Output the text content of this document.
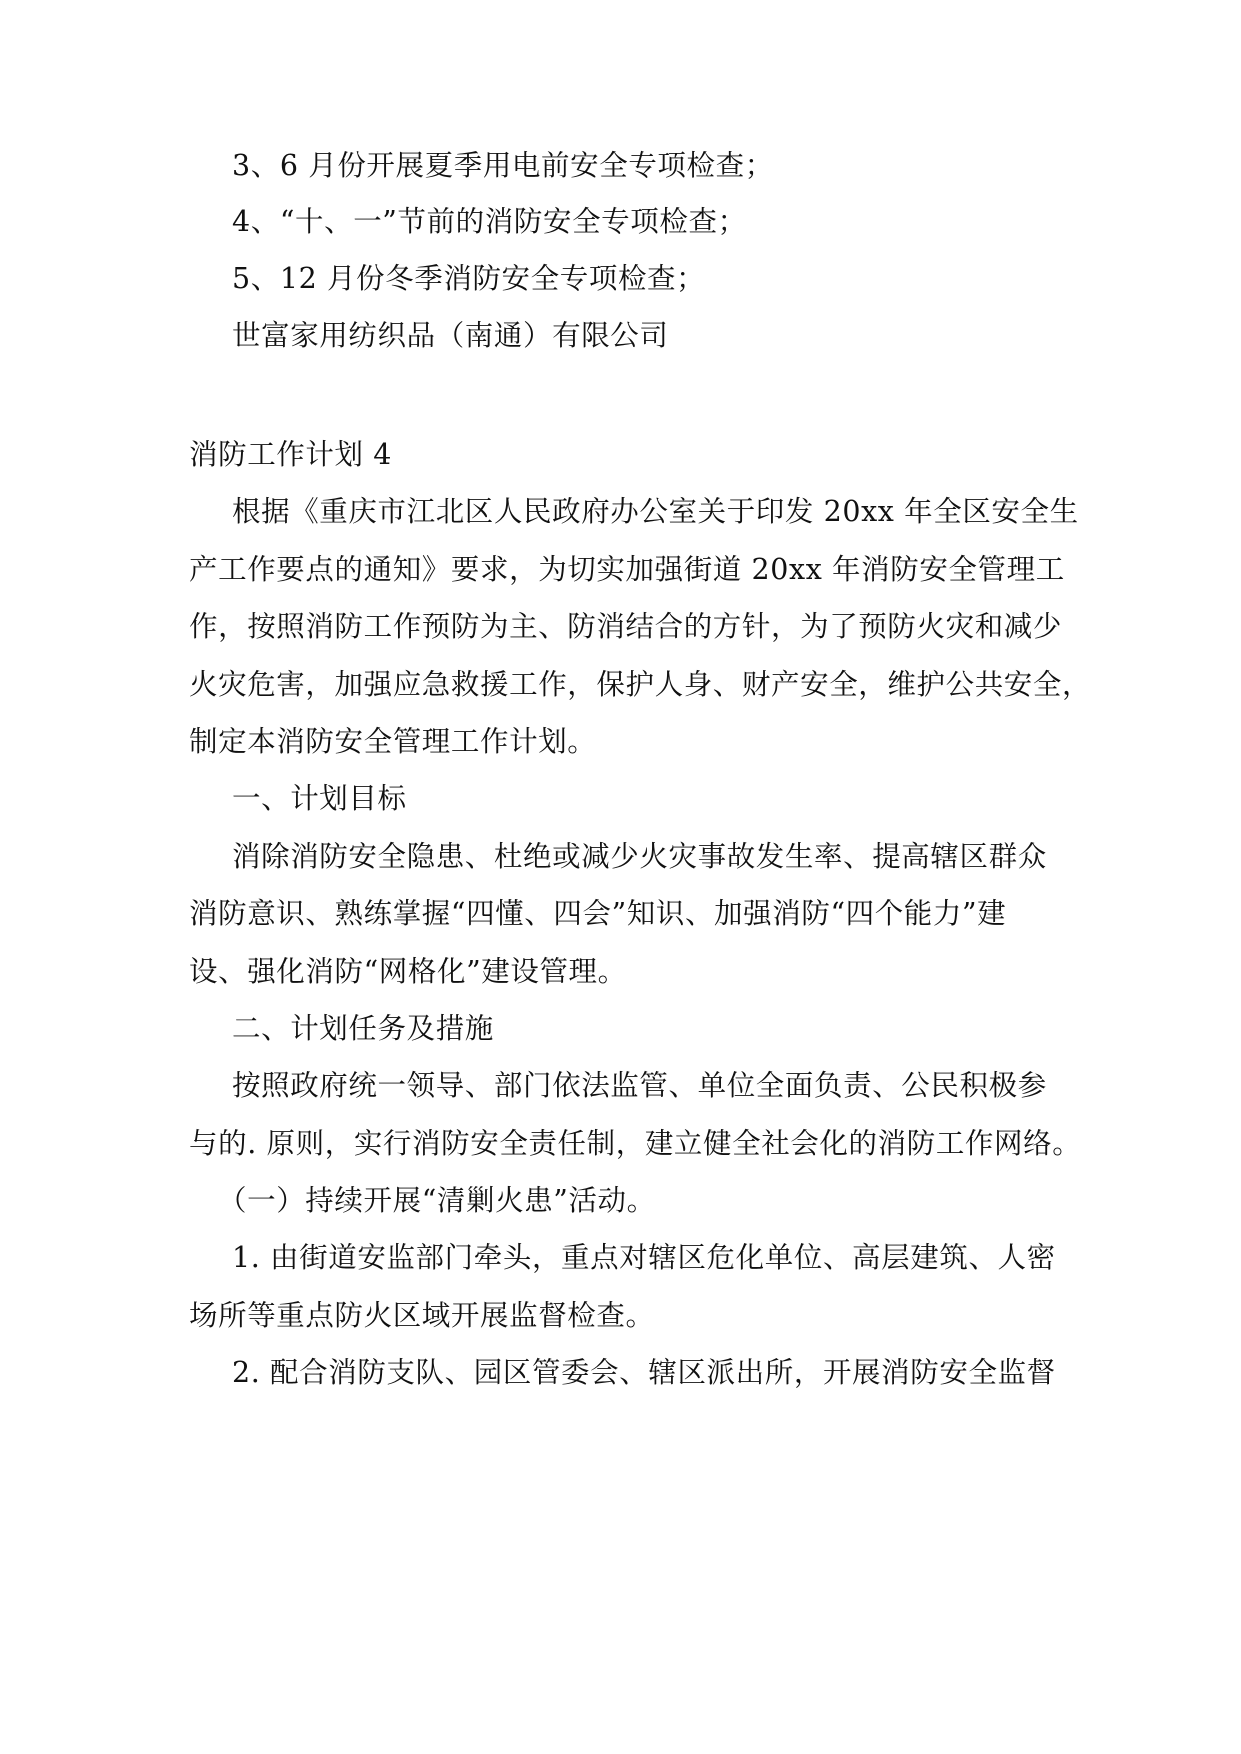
3、6 月份开展夏季用电前安全专项检查；
4、“十、一”节前的消防安全专项检查；
5、12 月份冬季消防安全专项检查；
世富家用纺织品（南通）有限公司
消防工作计划 4
根据《重庆市江北区人民政府办公室关于印发 20xx 年全区安全生
产工作要点的通知》要求，为切实加强街道 20xx 年消防安全管理工
作，按照消防工作预防为主、防消结合的方针，为了预防火灾和减少
火灾危害，加强应急救援工作，保护人身、财产安全，维护公共安全，
制定本消防安全管理工作计划。
一、计划目标
消除消防安全隐患、杜绝或减少火灾事故发生率、提高辖区群众
消防意识、熟练掌握“四懂、四会”知识、加强消防“四个能力”建
设、强化消防“网格化”建设管理。
二、计划任务及措施
按照政府统一领导、部门依法监管、单位全面负责、公民积极参
与的. 原则，实行消防安全责任制，建立健全社会化的消防工作网络。
（一）持续开展“清剿火患”活动。
1. 由街道安监部门牵头，重点对辖区危化单位、高层建筑、人密
场所等重点防火区域开展监督检查。
2. 配合消防支队、园区管委会、辖区派出所，开展消防安全监督
